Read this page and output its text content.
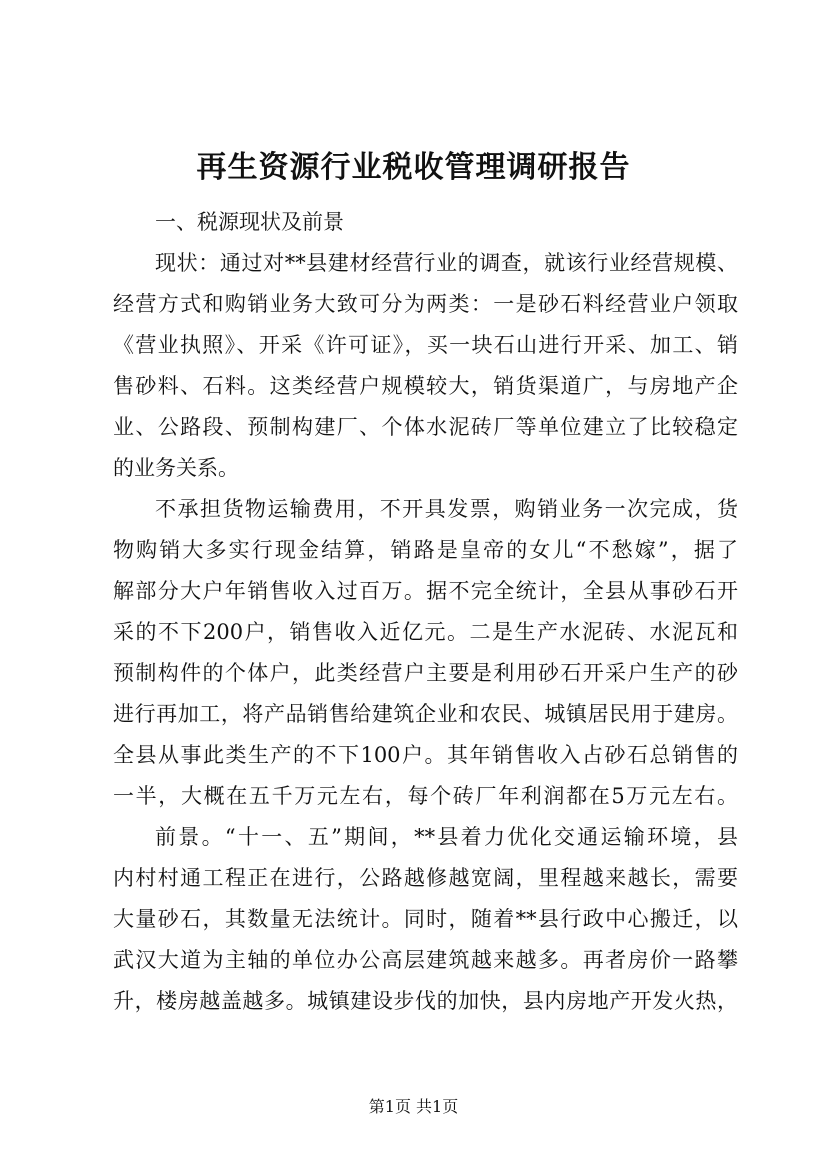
再生资源行业税收管理调研报告
一、税源现状及前景
现状：通过对**县建材经营行业的调查，就该行业经营规模、
经营方式和购销业务大致可分为两类：一是砂石料经营业户领取
《营业执照》、开采《许可证》，买一块石山进行开采、加工、销
售砂料、石料。这类经营户规模较大，销货渠道广，与房地产企
业、公路段、预制构建厂、个体水泥砖厂等单位建立了比较稳定
的业务关系。
不承担货物运输费用，不开具发票，购销业务一次完成，货
物购销大多实行现金结算，销路是皇帝的女儿“不愁嫁”，据了
解部分大户年销售收入过百万。据不完全统计，全县从事砂石开
采的不下200户，销售收入近亿元。二是生产水泥砖、水泥瓦和
预制构件的个体户，此类经营户主要是利用砂石开采户生产的砂
进行再加工，将产品销售给建筑企业和农民、城镇居民用于建房。
全县从事此类生产的不下100户。其年销售收入占砂石总销售的
一半，大概在五千万元左右，每个砖厂年利润都在5万元左右。
前景。“十一、五”期间，**县着力优化交通运输环境，县
内村村通工程正在进行，公路越修越宽阔，里程越来越长，需要
大量砂石，其数量无法统计。同时，随着**县行政中心搬迁，以
武汉大道为主轴的单位办公高层建筑越来越多。再者房价一路攀
升，楼房越盖越多。城镇建设步伐的加快，县内房地产开发火热，
第1页 共1页
